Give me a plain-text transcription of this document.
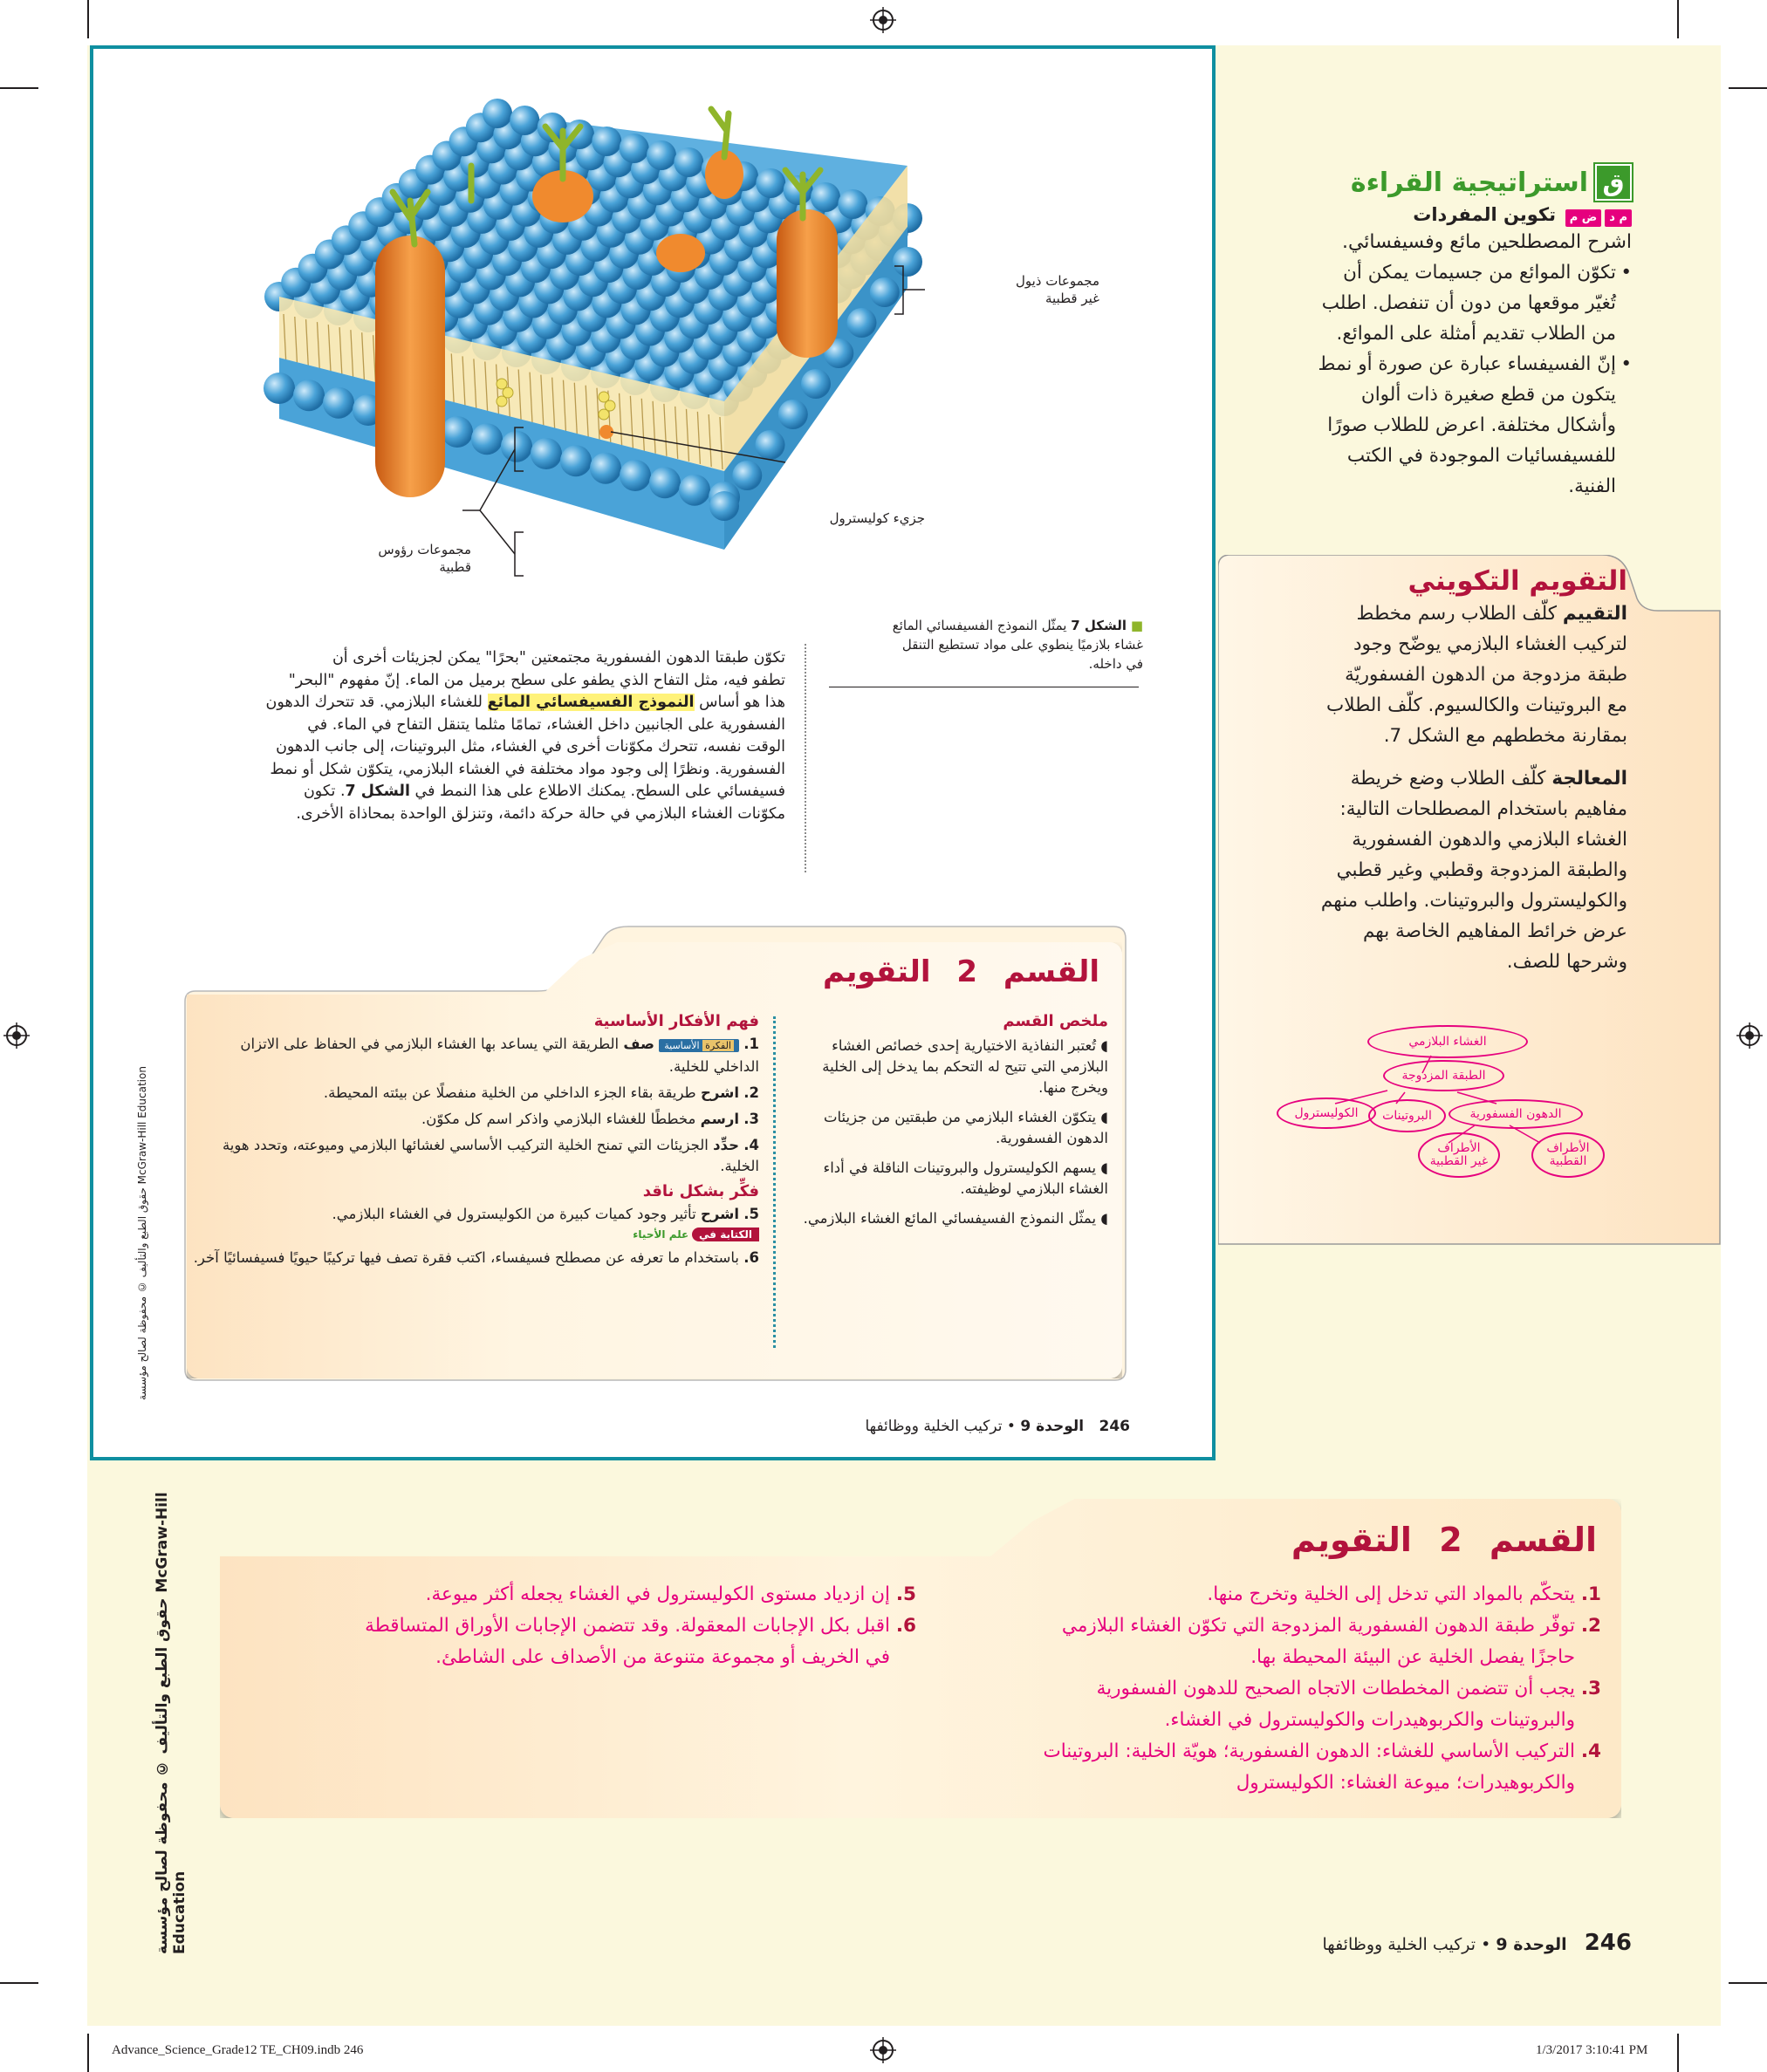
مجموعات ذيول
غير قطبية
جزيء كوليسترول
مجموعات رؤوس
قطبية
■ الشكل 7 يمثّل النموذج الفسيفسائي المائع
غشاء بلازميًا ينطوي على مواد تستطيع التنقل
في داخله.
تكوّن طبقتا الدهون الفسفورية مجتمعتين "بحرًا" يمكن لجزيئات أخرى أن
تطفو فيه، مثل التفاح الذي يطفو على سطح برميل من الماء. إنّ مفهوم "البحر"
هذا هو أساس النموذج الفسيفسائي المائع للغشاء البلازمي. قد تتحرك الدهون
الفسفورية على الجانبين داخل الغشاء، تمامًا مثلما يتنقل التفاح في الماء. في
الوقت نفسه، تتحرك مكوّنات أخرى في الغشاء، مثل البروتينات، إلى جانب الدهون
الفسفورية. ونظرًا إلى وجود مواد مختلفة في الغشاء البلازمي، يتكوّن شكل أو نمط
فسيفسائي على السطح. يمكنك الاطلاع على هذا النمط في الشكل 7. تكون
مكوّنات الغشاء البلازمي في حالة حركة دائمة، وتنزلق الواحدة بمحاذاة الأخرى.
القسم 2 التقويم
ملخص القسم
◖ تُعتبر النفاذية الاختيارية إحدى خصائص الغشاء البلازمي التي تتيح له التحكم بما يدخل إلى الخلية ويخرج منها.
◖ يتكوّن الغشاء البلازمي من طبقتين من جزيئات الدهون الفسفورية.
◖ يسهم الكوليسترول والبروتينات الناقلة في أداء الغشاء البلازمي لوظيفته.
◖ يمثّل النموذج الفسيفسائي المائع الغشاء البلازمي.
فهم الأفكار الأساسية
1. الفكرة الأساسية صف الطريقة التي يساعد بها الغشاء البلازمي في الحفاظ على الاتزان الداخلي للخلية.
2. اشرح طريقة بقاء الجزء الداخلي من الخلية منفصلًا عن بيئته المحيطة.
3. ارسم مخططًا للغشاء البلازمي واذكر اسم كل مكوّن.
4. حدِّد الجزيئات التي تمنح الخلية التركيب الأساسي لغشائها البلازمي وميوعته، وتحدد هوية الخلية.
فكِّر بشكل ناقد
5. اشرح تأثير وجود كميات كبيرة من الكوليسترول في الغشاء البلازمي.
الكتابة في علم الأحياء
6. باستخدام ما تعرفه عن مصطلح فسيفساء، اكتب فقرة تصف فيها تركيبًا حيويًا فسيفسائيًا آخر.
246 الوحدة 9 • تركيب الخلية ووظائفها
حقوق الطبع والتأليف © محفوظة لصالح مؤسسة McGraw-Hill Education
ق
استراتيجية القراءة
م دض م تكوين المفردات
اشرح المصطلحين مائع وفسيفسائي.
•
تكوّن الموائع من جسيمات يمكن أن
تُغيّر موقعها من دون أن تنفصل. اطلب
من الطلاب تقديم أمثلة على الموائع.
•
إنّ الفسيفساء عبارة عن صورة أو نمط
يتكون من قطع صغيرة ذات ألوان
وأشكال مختلفة. اعرض للطلاب صورًا
للفسيفسائيات الموجودة في الكتب
الفنية.
التقويم التكويني
التقييم كلّف الطلاب رسم مخطط
لتركيب الغشاء البلازمي يوضّح وجود
طبقة مزدوجة من الدهون الفسفوريّة
مع البروتينات والكالسيوم. كلّف الطلاب
بمقارنة مخططهم مع الشكل 7.
المعالجة كلّف الطلاب وضع خريطة
مفاهيم باستخدام المصطلحات التالية:
الغشاء البلازمي والدهون الفسفورية
والطبقة المزدوجة وقطبي وغير قطبي
والكوليسترول والبروتينات. واطلب منهم
عرض خرائط المفاهيم الخاصة بهم
وشرحها للصف.
الغشاء البلازمي
الطبقة المزدوجة
الكوليسترول	البروتينات	الدهون الفسفورية
الأطراف
غير القطبية
الأطراف
القطبية
القسم 2 التقويم
1. يتحكّم بالمواد التي تدخل إلى الخلية وتخرج منها.
2. توفّر طبقة الدهون الفسفورية المزدوجة التي تكوّن الغشاء البلازمي
حاجزًا يفصل الخلية عن البيئة المحيطة بها.
3. يجب أن تتضمن المخططات الاتجاه الصحيح للدهون الفسفورية
والبروتينات والكربوهيدرات والكوليسترول في الغشاء.
4. التركيب الأساسي للغشاء: الدهون الفسفورية؛ هويّة الخلية: البروتينات
والكربوهيدرات؛ ميوعة الغشاء: الكوليسترول
5. إن ازدياد مستوى الكوليسترول في الغشاء يجعله أكثر ميوعة.
6. اقبل بكل الإجابات المعقولة. وقد تتضمن الإجابات الأوراق المتساقطة
في الخريف أو مجموعة متنوعة من الأصداف على الشاطئ.
246 الوحدة 9 • تركيب الخلية ووظائفها
حقوق الطبع والتأليف © محفوظة لصالح مؤسسة McGraw-Hill Education
Advance_Science_Grade12 TE_CH09.indb 246	1/3/2017 3:10:41 PM
